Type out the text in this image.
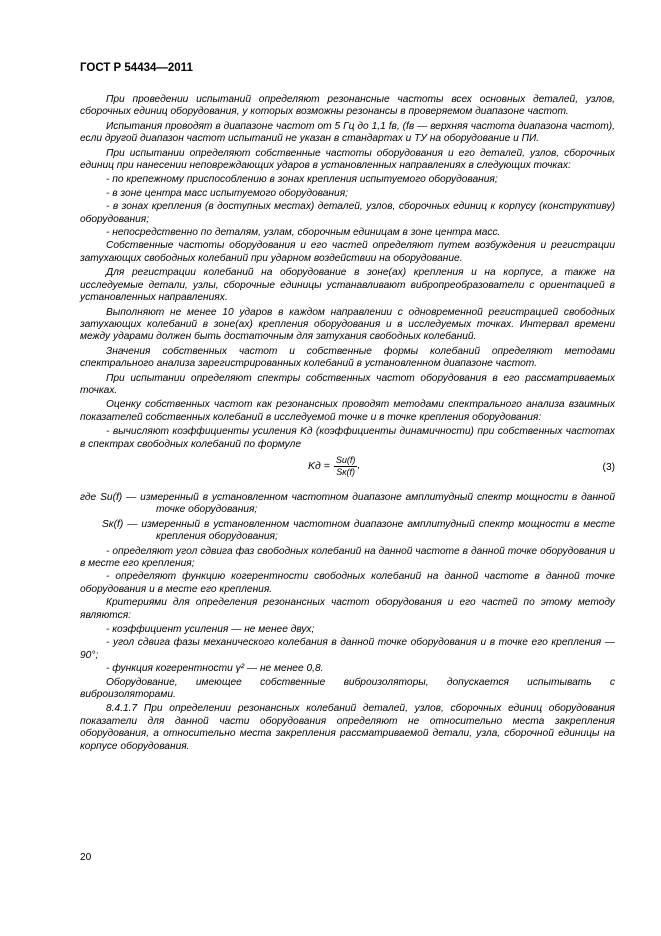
ГОСТ Р 54434—2011

При проведении испытаний определяют резонансные частоты всех основных деталей, узлов, сборочных единиц оборудования, у которых возможны резонансы в проверяемом диапазоне частот.

Испытания проводят в диапазоне частот от 5 Гц до 1,1 fв, (fв — верхняя частота диапазона частот), если другой диапазон частот испытаний не указан в стандартах и ТУ на оборудование и ПИ.

При испытании определяют собственные частоты оборудования и его деталей, узлов, сборочных единиц при нанесении неповреждающих ударов в установленных направлениях в следующих точках:

- по крепежному приспособлению в зонах крепления испытуемого оборудования;

- в зоне центра масс испытуемого оборудования;

- в зонах крепления (в доступных местах) деталей, узлов, сборочных единиц к корпусу (конструктиву) оборудования;

- непосредственно по деталям, узлам, сборочным единицам в зоне центра масс.

Собственные частоты оборудования и его частей определяют путем возбуждения и регистрации затухающих свободных колебаний при ударном воздействии на оборудование.

Для регистрации колебаний на оборудование в зоне(ах) крепления и на корпусе, а также на исследуемые детали, узлы, сборочные единицы устанавливают вибропреобразователи с ориентацией в установленных направлениях.

Выполняют не менее 10 ударов в каждом направлении с одновременной регистрацией свободных затухающих колебаний в зоне(ах) крепления оборудования и в исследуемых точках. Интервал времени между ударами должен быть достаточным для затухания свободных колебаний.

Значения собственных частот и собственные формы колебаний определяют методами спектрального анализа зарегистрированных колебаний в установленном диапазоне частот.

При испытании определяют спектры собственных частот оборудования в его рассматриваемых точках.

Оценку собственных частот как резонансных проводят методами спектрального анализа взаимных показателей собственных колебаний в исследуемой точке и в точке крепления оборудования:

- вычисляют коэффициенты усиления Kд (коэффициенты динамичности) при собственных частотах в спектрах свободных колебаний по формуле

Kд = $\frac{Sи(f)}{Sк(f)}$ ,	(3)

где Sи(f) — измеренный в установленном частотном диапазоне амплитудный спектр мощности в данной точке оборудования;

Sк(f) — измеренный в установленном частотном диапазоне амплитудный спектр мощности в месте крепления оборудования;

- определяют угол сдвига фаз свободных колебаний на данной частоте в данной точке оборудования и в месте его крепления;

- определяют функцию когерентности свободных колебаний на данной частоте в данной точке оборудования и в месте его крепления.

Критериями для определения резонансных частот оборудования и его частей по этому методу являются:

- коэффициент усиления — не менее двух;

- угол сдвига фазы механического колебания в данной точке оборудования и в точке его крепления — 90°;

- функция когерентности γ² — не менее 0,8.

Оборудование, имеющее собственные виброизоляторы, допускается испытывать с виброизоляторами.

8.4.1.7 При определении резонансных колебаний деталей, узлов, сборочных единиц оборудования показатели для данной части оборудования определяют не относительно места закрепления оборудования, а относительно места закрепления рассматриваемой детали, узла, сборочной единицы на корпусе оборудования.

20
